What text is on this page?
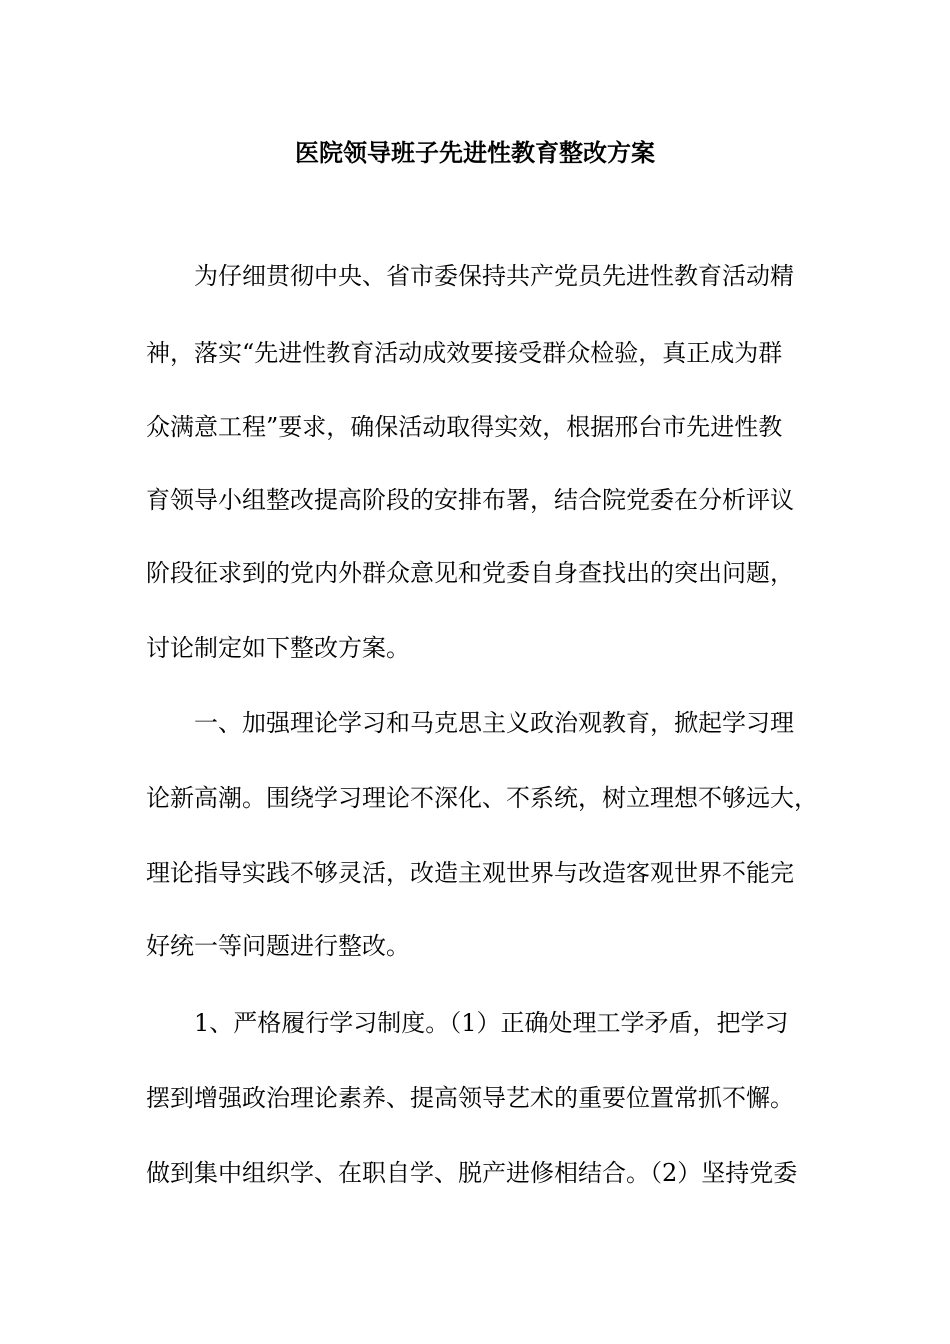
医院领导班子先进性教育整改方案
为仔细贯彻中央、省市委保持共产党员先进性教育活动精
神，落实“先进性教育活动成效要接受群众检验，真正成为群
众满意工程”要求，确保活动取得实效，根据邢台市先进性教
育领导小组整改提高阶段的安排布署，结合院党委在分析评议
阶段征求到的党内外群众意见和党委自身查找出的突出问题，
讨论制定如下整改方案。
一、加强理论学习和马克思主义政治观教育，掀起学习理
论新高潮。围绕学习理论不深化、不系统，树立理想不够远大，
理论指导实践不够灵活，改造主观世界与改造客观世界不能完
好统一等问题进行整改。
1、严格履行学习制度。（1）正确处理工学矛盾，把学习
摆到增强政治理论素养、提高领导艺术的重要位置常抓不懈。
做到集中组织学、在职自学、脱产进修相结合。（2）坚持党委
